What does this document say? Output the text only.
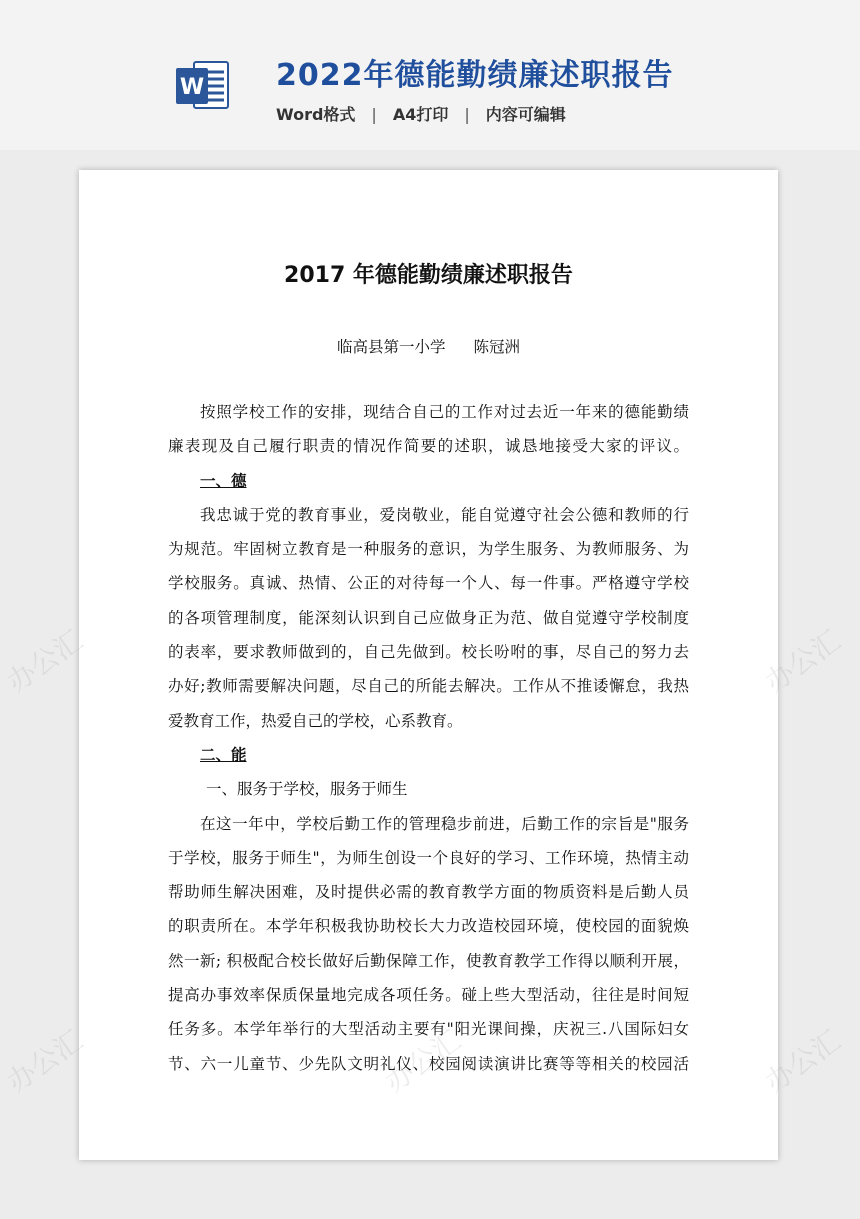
W 2022年德能勤绩廉述职报告
Word格式 | A4打印 | 内容可编辑
2017 年德能勤绩廉述职报告
临高县第一小学 陈冠洲
按照学校工作的安排，现结合自己的工作对过去近一年来的德能勤绩
廉表现及自己履行职责的情况作简要的述职，诚恳地接受大家的评议。
一、德
我忠诚于党的教育事业，爱岗敬业，能自觉遵守社会公德和教师的行
为规范。牢固树立教育是一种服务的意识，为学生服务、为教师服务、为
学校服务。真诚、热情、公正的对待每一个人、每一件事。严格遵守学校
的各项管理制度，能深刻认识到自己应做身正为范、做自觉遵守学校制度
的表率，要求教师做到的，自己先做到。校长吩咐的事，尽自己的努力去
办好;教师需要解决问题，尽自己的所能去解决。工作从不推诿懈怠，我热
爱教育工作，热爱自己的学校，心系教育。
二、能
一、服务于学校，服务于师生
在这一年中，学校后勤工作的管理稳步前进，后勤工作的宗旨是"服务
于学校，服务于师生"，为师生创设一个良好的学习、工作环境，热情主动
帮助师生解决困难，及时提供必需的教育教学方面的物质资料是后勤人员
的职责所在。本学年积极我协助校长大力改造校园环境，使校园的面貌焕
然一新; 积极配合校长做好后勤保障工作，使教育教学工作得以顺利开展，
提高办事效率保质保量地完成各项任务。碰上些大型活动，往往是时间短
任务多。本学年举行的大型活动主要有"阳光课间操，庆祝三.八国际妇女
节、六一儿童节、少先队文明礼仪、校园阅读演讲比赛等等相关的校园活
办公汇	办公汇
办公汇	办公汇
